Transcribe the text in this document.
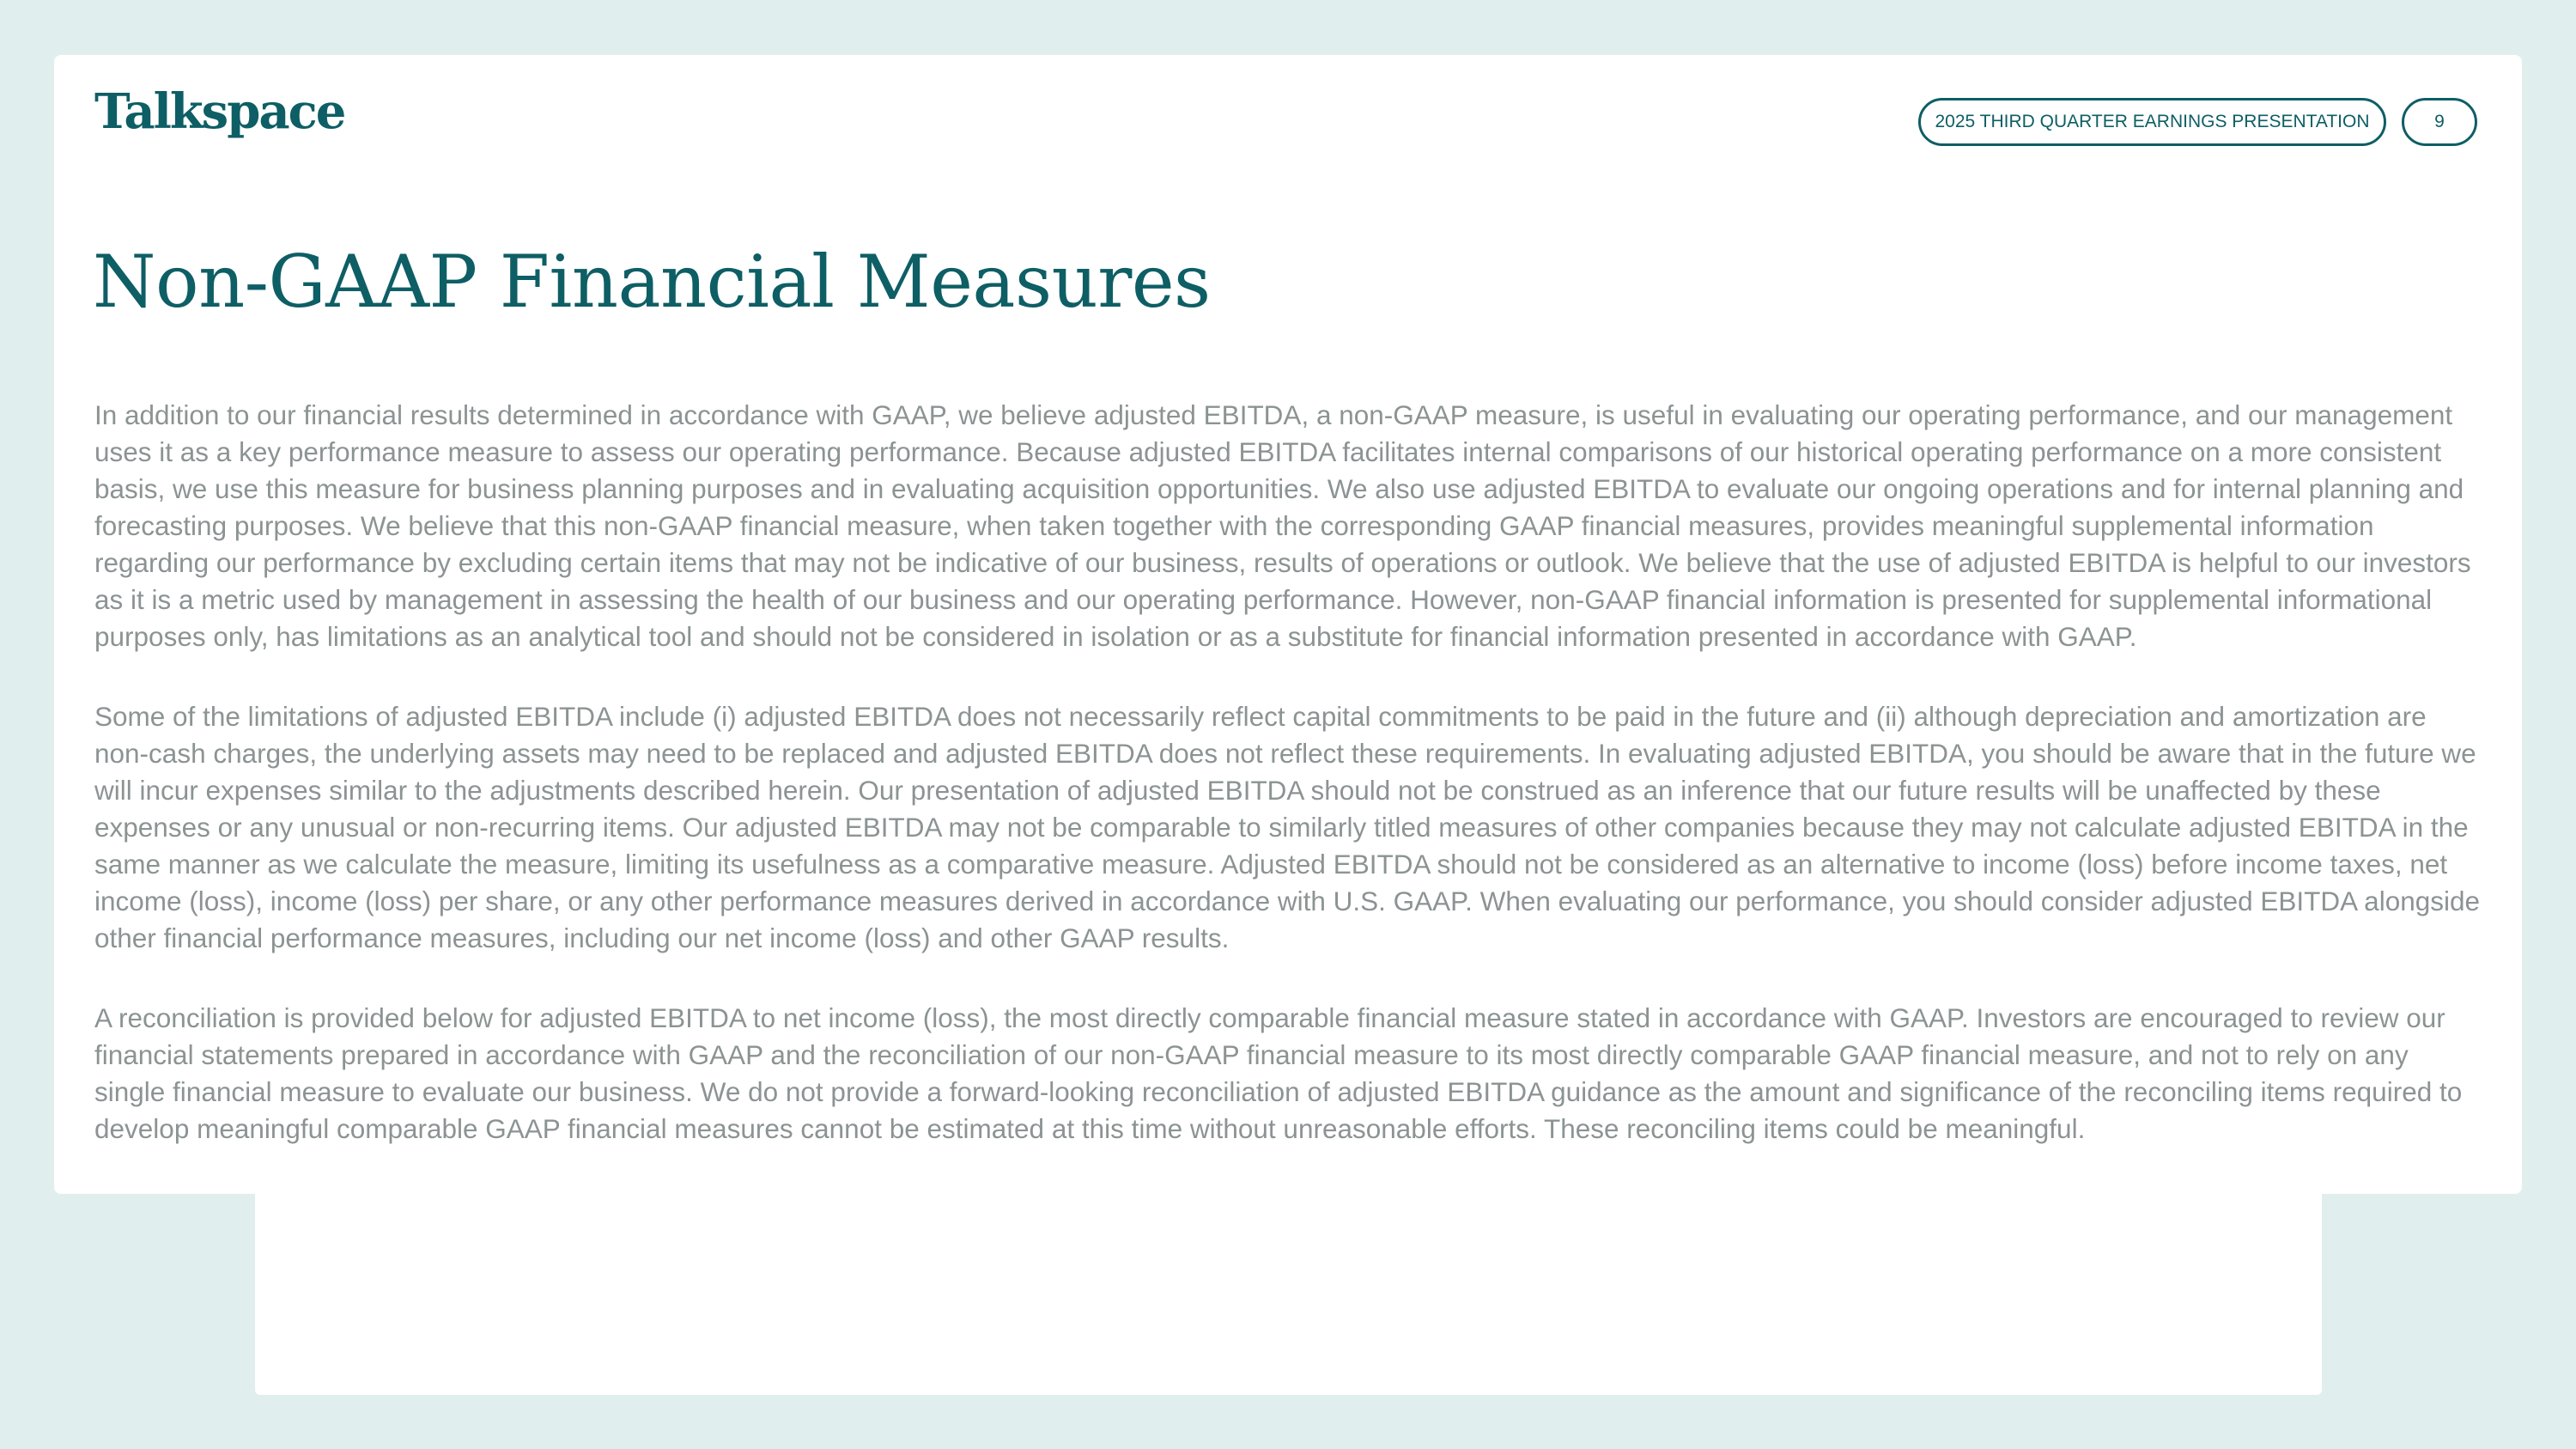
Talkspace	2025 THIRD QUARTER EARNINGS PRESENTATION	9
Non-GAAP Financial Measures

In addition to our financial results determined in accordance with GAAP, we believe adjusted EBITDA, a non-GAAP measure, is useful in evaluating our operating performance, and our management uses it as a key performance measure to assess our operating performance. Because adjusted EBITDA facilitates internal comparisons of our historical operating performance on a more consistent basis, we use this measure for business planning purposes and in evaluating acquisition opportunities. We also use adjusted EBITDA to evaluate our ongoing operations and for internal planning and forecasting purposes. We believe that this non-GAAP financial measure, when taken together with the corresponding GAAP financial measures, provides meaningful supplemental information regarding our performance by excluding certain items that may not be indicative of our business, results of operations or outlook. We believe that the use of adjusted EBITDA is helpful to our investors as it is a metric used by management in assessing the health of our business and our operating performance. However, non-GAAP financial information is presented for supplemental informational purposes only, has limitations as an analytical tool and should not be considered in isolation or as a substitute for financial information presented in accordance with GAAP.

Some of the limitations of adjusted EBITDA include (i) adjusted EBITDA does not necessarily reflect capital commitments to be paid in the future and (ii) although depreciation and amortization are non-cash charges, the underlying assets may need to be replaced and adjusted EBITDA does not reflect these requirements. In evaluating adjusted EBITDA, you should be aware that in the future we will incur expenses similar to the adjustments described herein. Our presentation of adjusted EBITDA should not be construed as an inference that our future results will be unaffected by these expenses or any unusual or non-recurring items. Our adjusted EBITDA may not be comparable to similarly titled measures of other companies because they may not calculate adjusted EBITDA in the same manner as we calculate the measure, limiting its usefulness as a comparative measure. Adjusted EBITDA should not be considered as an alternative to income (loss) before income taxes, net income (loss), income (loss) per share, or any other performance measures derived in accordance with U.S. GAAP. When evaluating our performance, you should consider adjusted EBITDA alongside other financial performance measures, including our net income (loss) and other GAAP results.

A reconciliation is provided below for adjusted EBITDA to net income (loss), the most directly comparable financial measure stated in accordance with GAAP. Investors are encouraged to review our financial statements prepared in accordance with GAAP and the reconciliation of our non-GAAP financial measure to its most directly comparable GAAP financial measure, and not to rely on any single financial measure to evaluate our business. We do not provide a forward-looking reconciliation of adjusted EBITDA guidance as the amount and significance of the reconciling items required to develop meaningful comparable GAAP financial measures cannot be estimated at this time without unreasonable efforts. These reconciling items could be meaningful.
